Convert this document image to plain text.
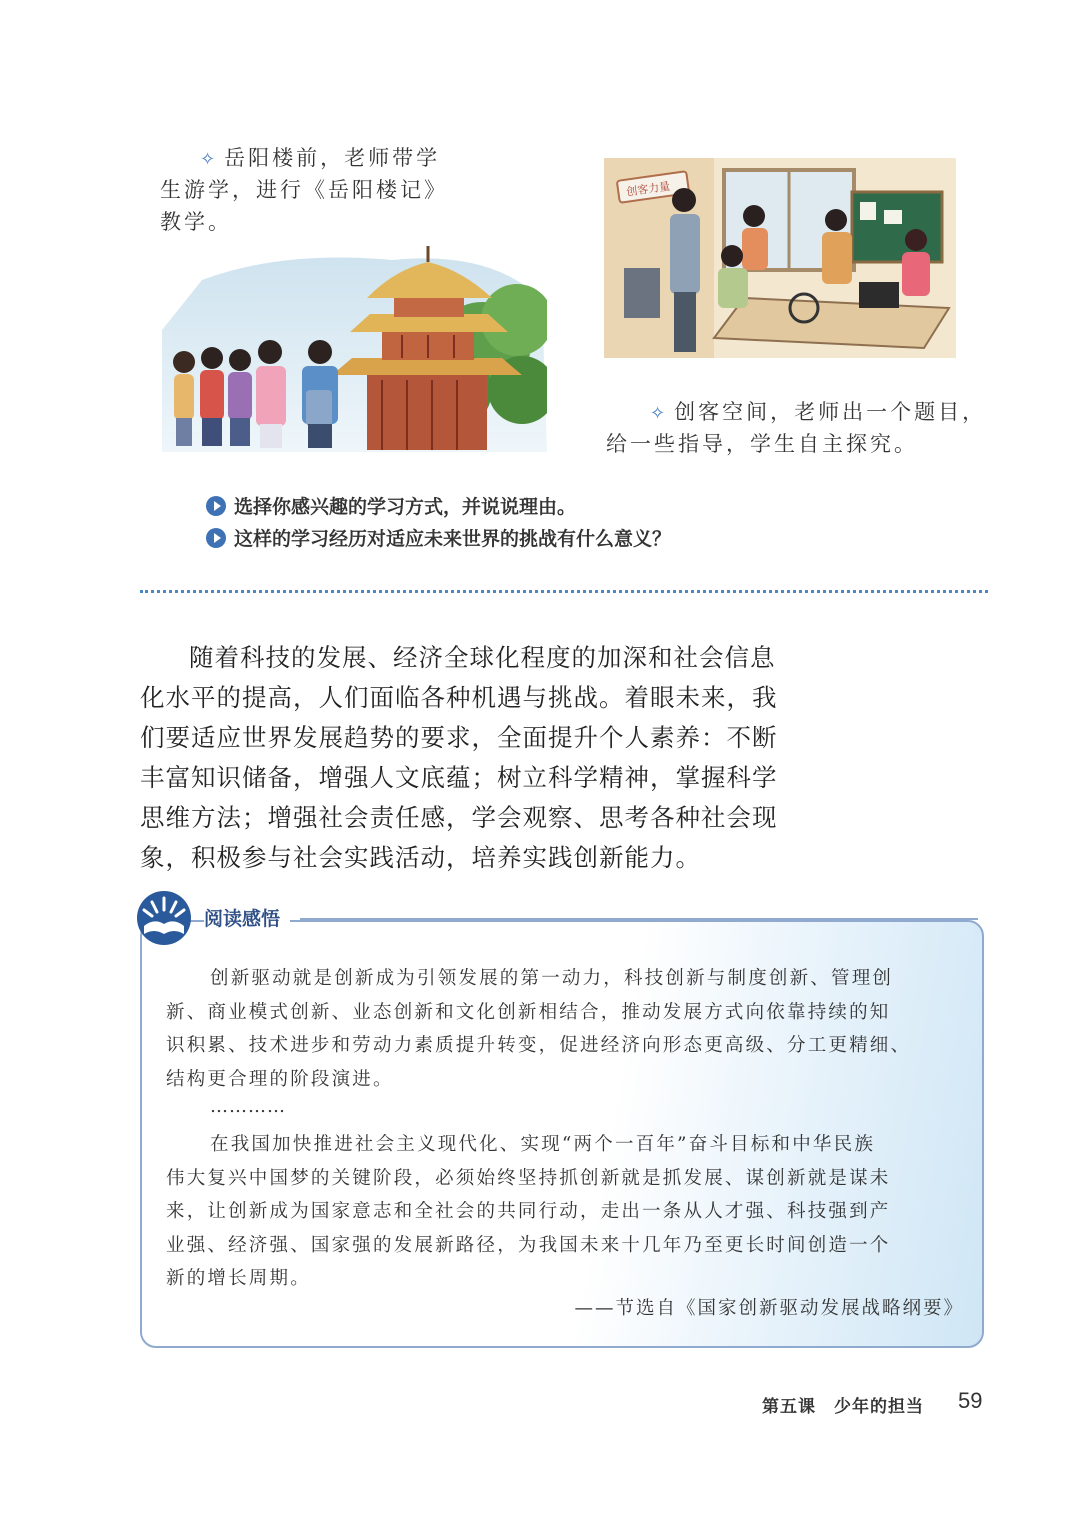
✧ 岳阳楼前，老师带学
生游学，进行《岳阳楼记》
教学。
创客力量
✧ 创客空间，老师出一个题目，
给一些指导，学生自主探究。
选择你感兴趣的学习方式，并说说理由。
这样的学习经历对适应未来世界的挑战有什么意义？
随着科技的发展、经济全球化程度的加深和社会信息
化水平的提高，人们面临各种机遇与挑战。着眼未来，我
们要适应世界发展趋势的要求，全面提升个人素养：不断
丰富知识储备，增强人文底蕴；树立科学精神，掌握科学
思维方法；增强社会责任感，学会观察、思考各种社会现
象，积极参与社会实践活动，培养实践创新能力。
阅读感悟
创新驱动就是创新成为引领发展的第一动力，科技创新与制度创新、管理创
新、商业模式创新、业态创新和文化创新相结合，推动发展方式向依靠持续的知
识积累、技术进步和劳动力素质提升转变，促进经济向形态更高级、分工更精细、
结构更合理的阶段演进。
…………
在我国加快推进社会主义现代化、实现“两个一百年”奋斗目标和中华民族
伟大复兴中国梦的关键阶段，必须始终坚持抓创新就是抓发展、谋创新就是谋未
来，让创新成为国家意志和全社会的共同行动，走出一条从人才强、科技强到产
业强、经济强、国家强的发展新路径，为我国未来十几年乃至更长时间创造一个
新的增长周期。
——节选自《国家创新驱动发展战略纲要》
第五课　少年的担当 59
